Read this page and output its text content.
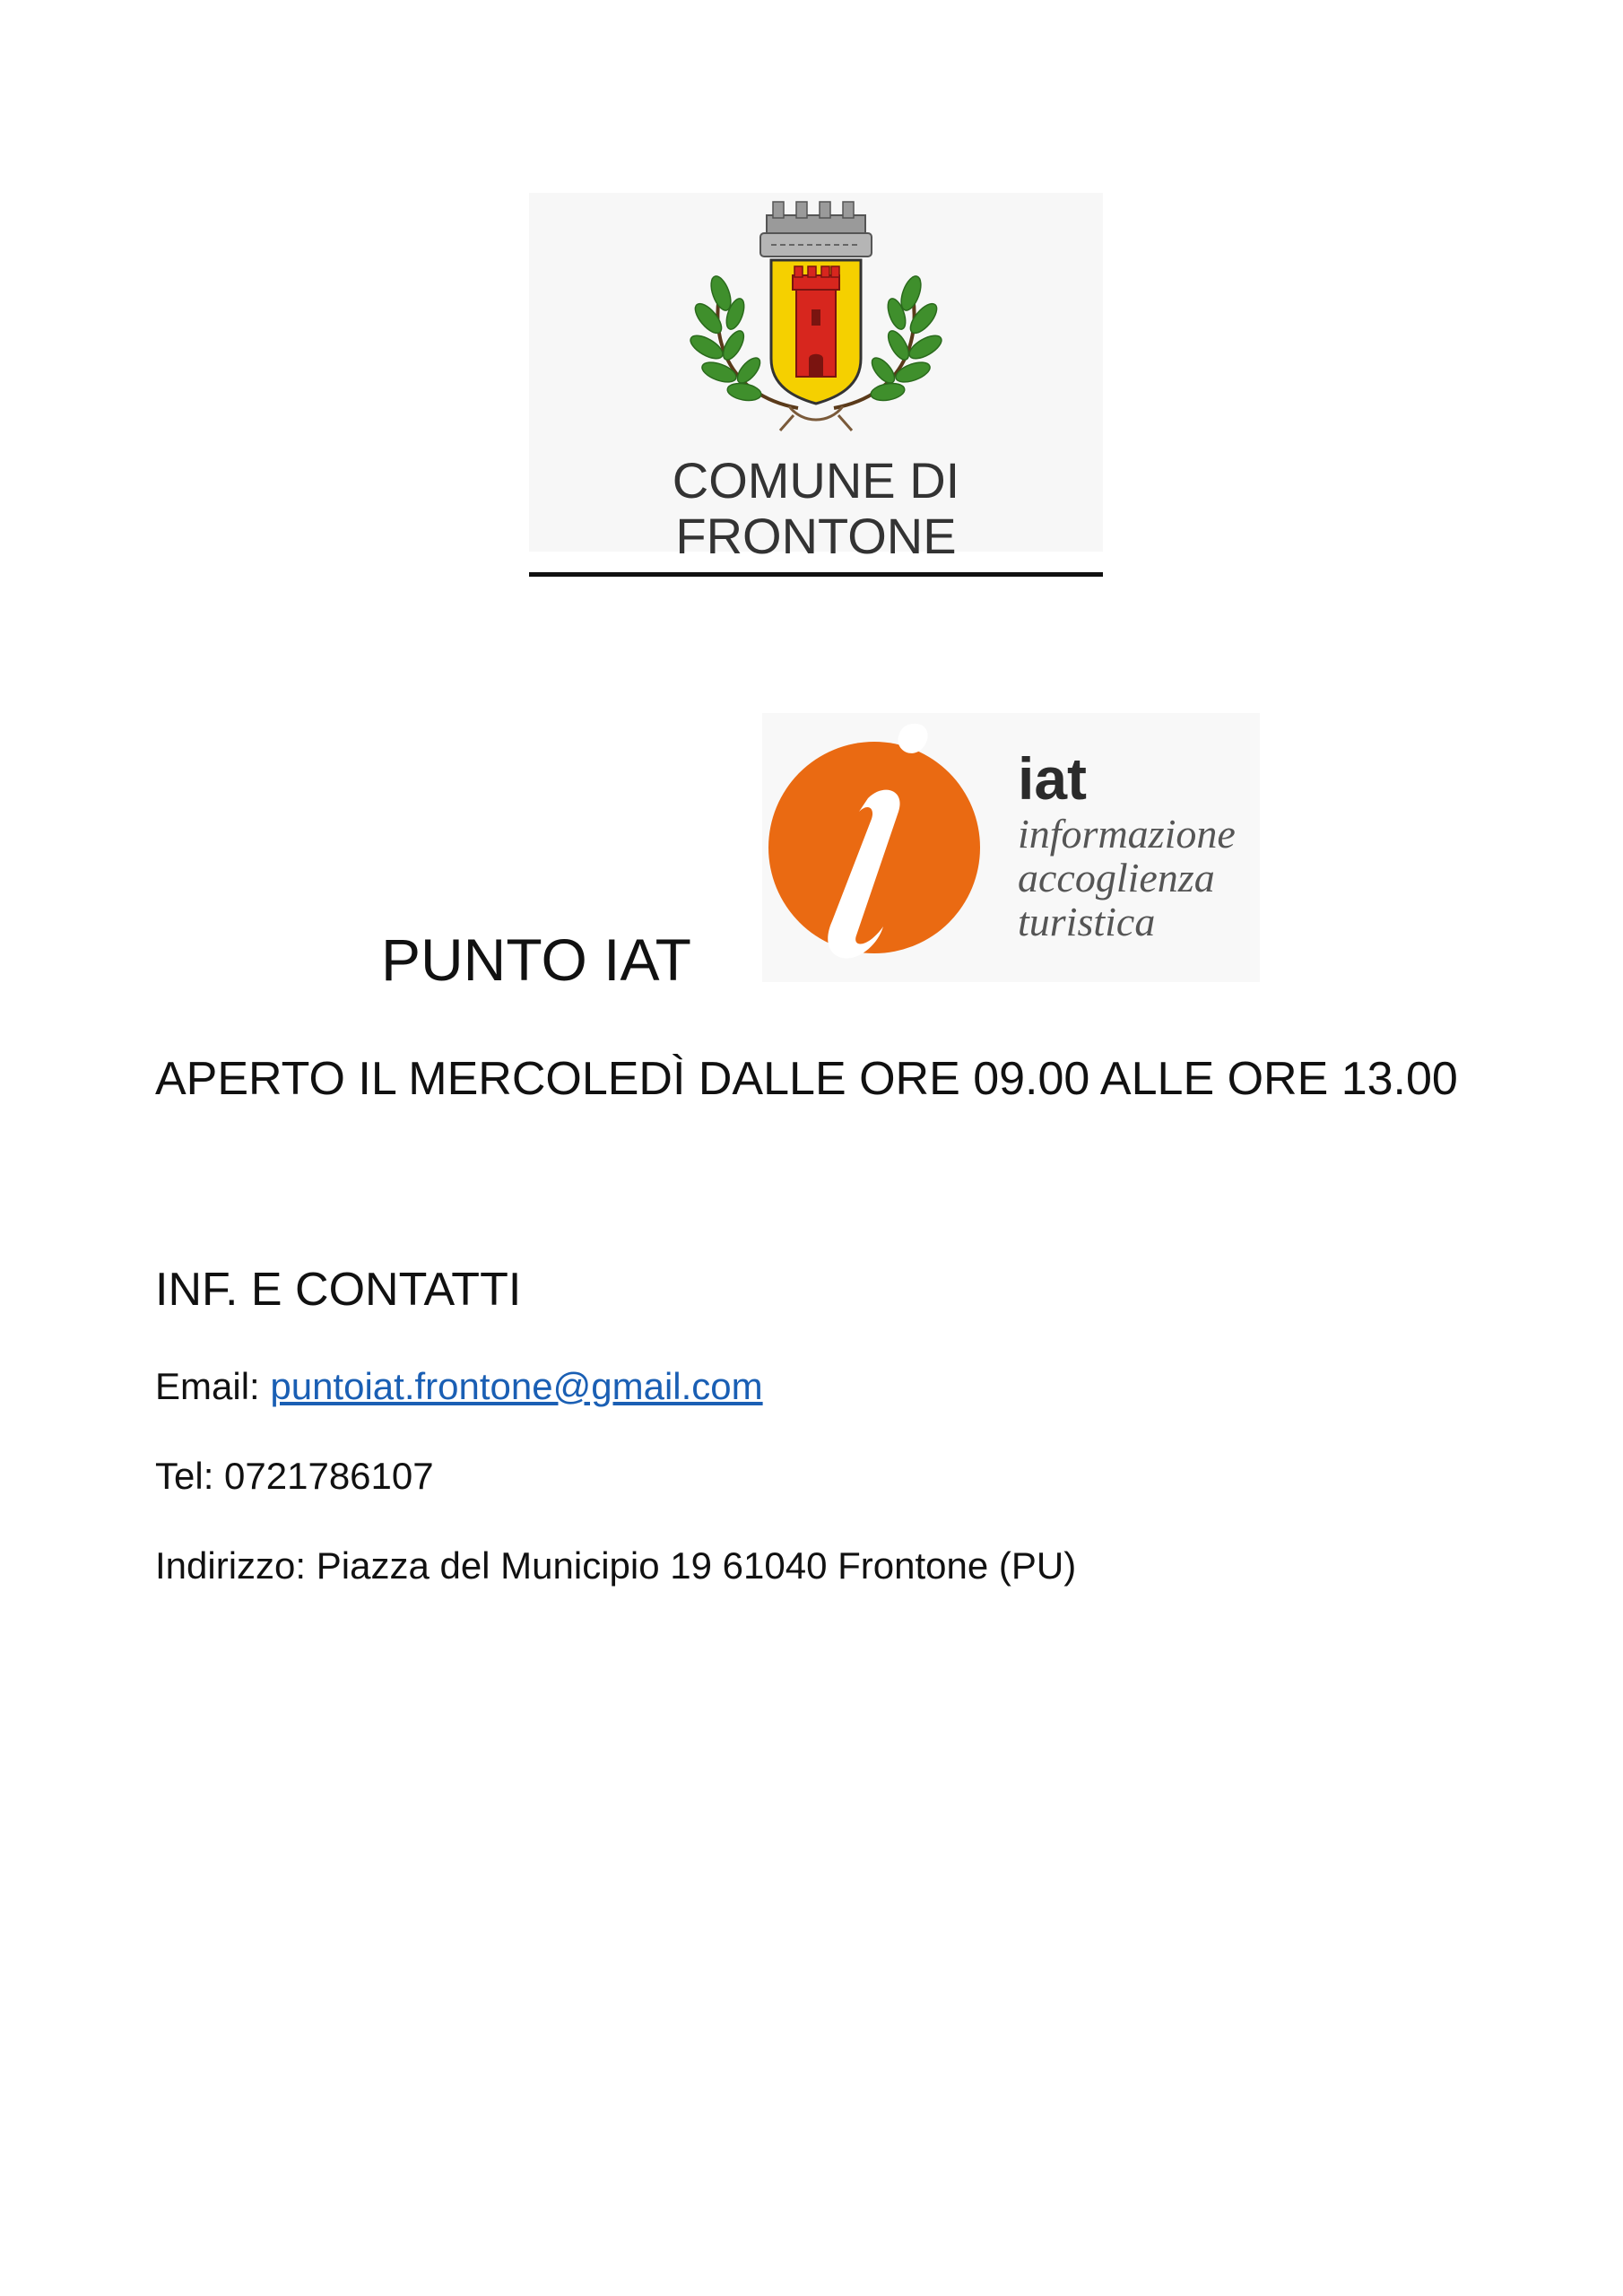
COMUNE DI
FRONTONE
iat
informazione
accoglienza
turistica
PUNTO IAT
APERTO IL MERCOLEDÌ DALLE ORE 09.00 ALLE ORE 13.00
INF. E CONTATTI
Email: puntoiat.frontone@gmail.com
Tel: 0721786107
Indirizzo: Piazza del Municipio 19 61040 Frontone (PU)
